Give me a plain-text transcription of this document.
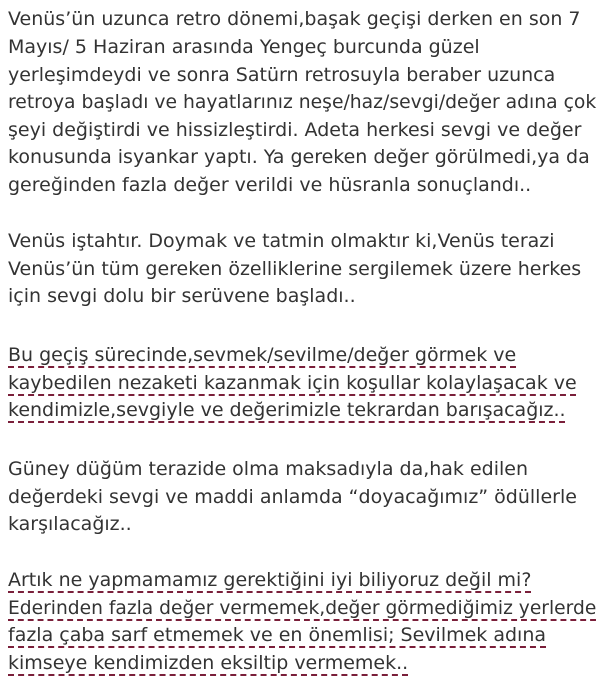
Venüs’ün uzunca retro dönemi,başak geçişi derken en son 7
Mayıs/ 5 Haziran arasında Yengeç burcunda güzel
yerleşimdeydi ve sonra Satürn retrosuyla beraber uzunca
retroya başladı ve hayatlarınız neşe/haz/sevgi/değer adına çok
şeyi değiştirdi ve hissizleştirdi. Adeta herkesi sevgi ve değer
konusunda isyankar yaptı. Ya gereken değer görülmedi,ya da
gereğinden fazla değer verildi ve hüsranla sonuçlandı..
Venüs iştahtır. Doymak ve tatmin olmaktır ki,Venüs terazi
Venüs’ün tüm gereken özelliklerine sergilemek üzere herkes
için sevgi dolu bir serüvene başladı..
Bu geçiş sürecinde,sevmek/sevilme/değer görmek ve
kaybedilen nezaketi kazanmak için koşullar kolaylaşacak ve
kendimizle,sevgiyle ve değerimizle tekrardan barışacağız..
Güney düğüm terazide olma maksadıyla da,hak edilen
değerdeki sevgi ve maddi anlamda “doyacağımız” ödüllerle
karşılacağız..
Artık ne yapmamamız gerektiğini iyi biliyoruz değil mi?
Ederinden fazla değer vermemek,değer görmediğimiz yerlerde
fazla çaba sarf etmemek ve en önemlisi; Sevilmek adına
kimseye kendimizden eksiltip vermemek..
